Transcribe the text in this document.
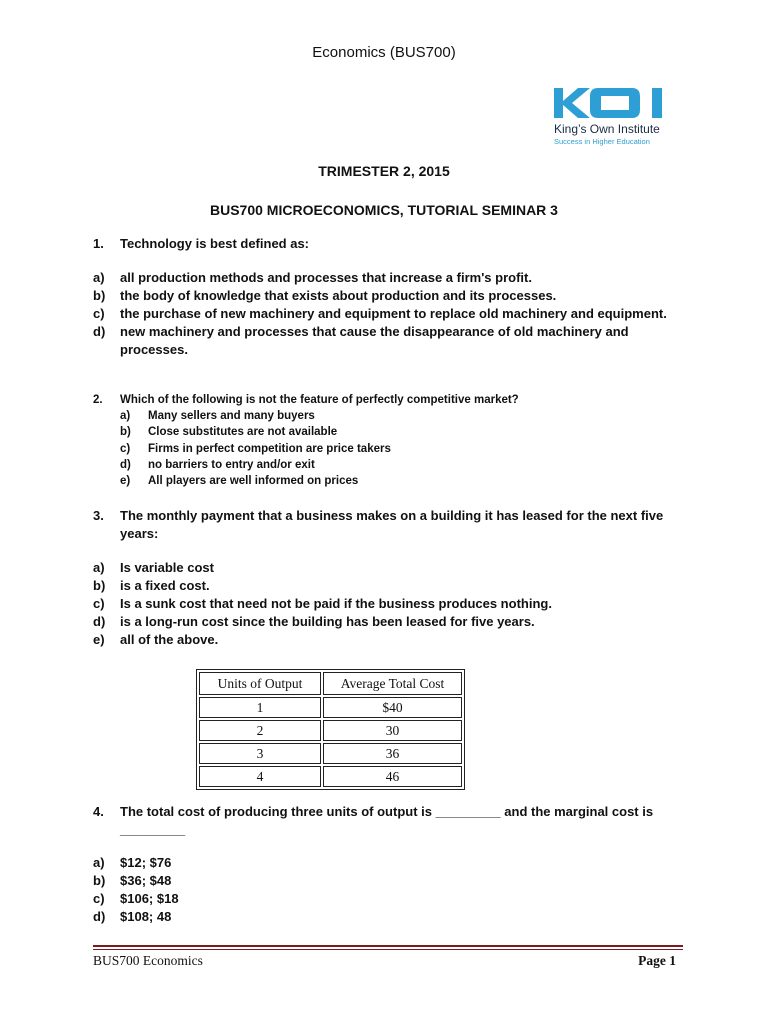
Economics (BUS700)
King’s Own Institute
Success in Higher Education
TRIMESTER 2, 2015
BUS700 MICROECONOMICS, TUTORIAL SEMINAR 3
1. Technology is best defined as:
a)	all production methods and processes that increase a firm's profit.
b)	the body of knowledge that exists about production and its processes.
c)	the purchase of new machinery and equipment to replace old machinery and equipment.
d)	new machinery and processes that cause the disappearance of old machinery and processes.
2. Which of the following is not the feature of perfectly competitive market?
a)	Many sellers and many buyers
b)	Close substitutes are not available
c)	Firms in perfect competition are price takers
d)	no barriers to entry and/or exit
e)	All players are well informed on prices
3. The monthly payment that a business makes on a building it has leased for the next five years:
a)	Is variable cost
b)	is a fixed cost.
c)	Is a sunk cost that need not be paid if the business produces nothing.
d)	is a long-run cost since the building has been leased for five years.
e)	all of the above.
Units of Output	Average Total Cost
1	$40
2	30
3	36
4	46
4. The total cost of producing three units of output is _________ and the marginal cost is _________
a)	$12; $76
b)	$36; $48
c)	$106; $18
d)	$108; 48
BUS700 Economics	Page 1
